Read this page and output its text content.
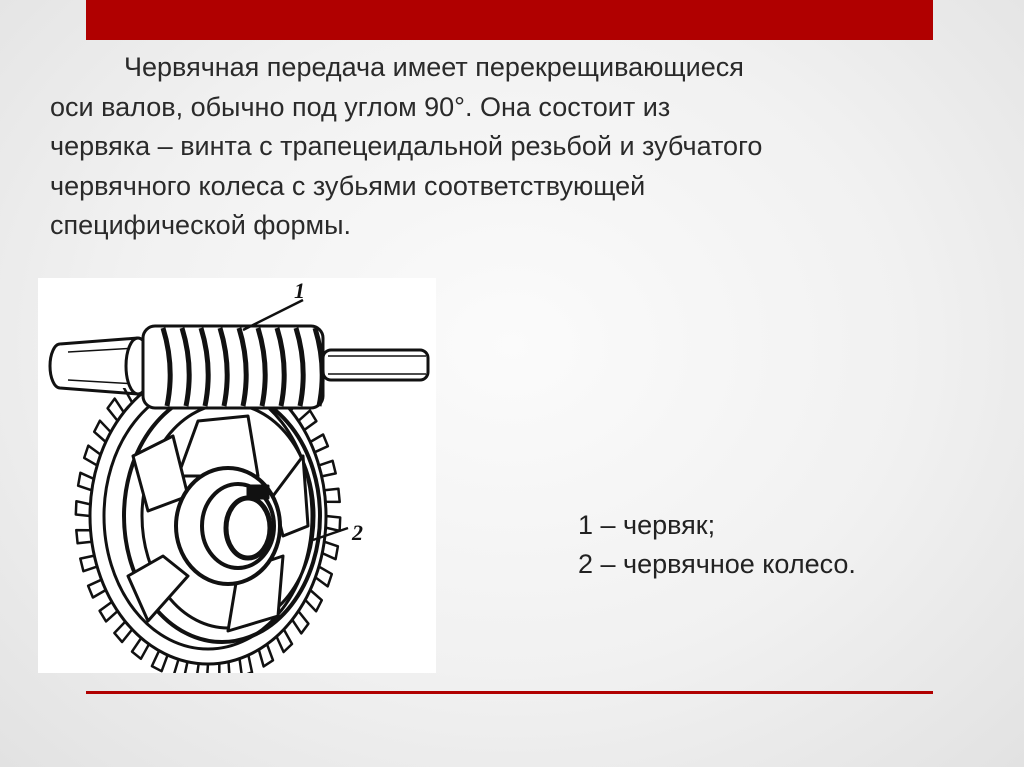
Червячная передача имеет перекрещивающиеся
оси валов, обычно под углом 90°. Она состоит из
червяка – винта с трапецеидальной резьбой и зубчатого
червячного колеса с зубьями соответствующей
специфической формы.

1
2	1 – червяк;
2 – червячное колесо.
